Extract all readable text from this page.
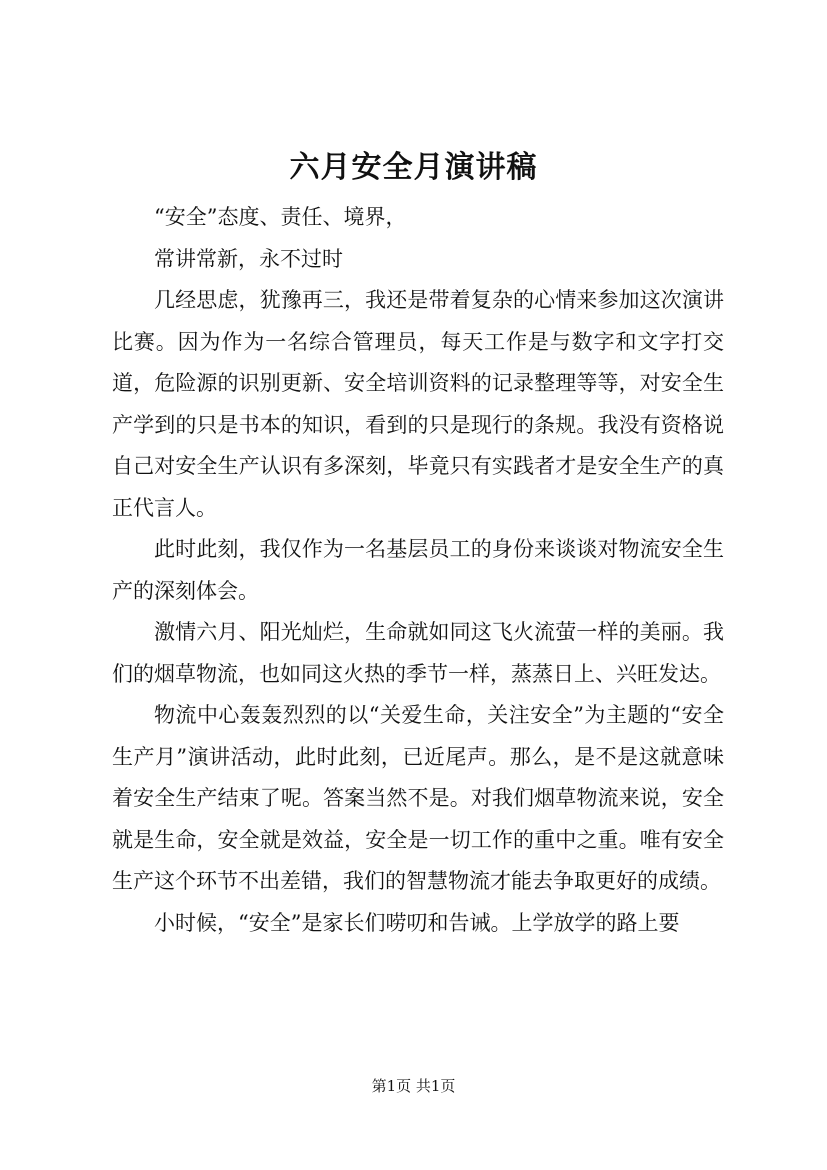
六月安全月演讲稿

“安全”态度、责任、境界，

常讲常新，永不过时

几经思虑，犹豫再三，我还是带着复杂的心情来参加这次演讲比赛。因为作为一名综合管理员，每天工作是与数字和文字打交道，危险源的识别更新、安全培训资料的记录整理等等，对安全生产学到的只是书本的知识，看到的只是现行的条规。我没有资格说自己对安全生产认识有多深刻，毕竟只有实践者才是安全生产的真正代言人。

此时此刻，我仅作为一名基层员工的身份来谈谈对物流安全生产的深刻体会。

激情六月、阳光灿烂，生命就如同这飞火流萤一样的美丽。我们的烟草物流，也如同这火热的季节一样，蒸蒸日上、兴旺发达。

物流中心轰轰烈烈的以“关爱生命，关注安全”为主题的“安全生产月”演讲活动，此时此刻，已近尾声。那么，是不是这就意味着安全生产结束了呢。答案当然不是。对我们烟草物流来说，安全就是生命，安全就是效益，安全是一切工作的重中之重。唯有安全生产这个环节不出差错，我们的智慧物流才能去争取更好的成绩。

小时候，“安全”是家长们唠叨和告诫。上学放学的路上要

第1页 共1页
